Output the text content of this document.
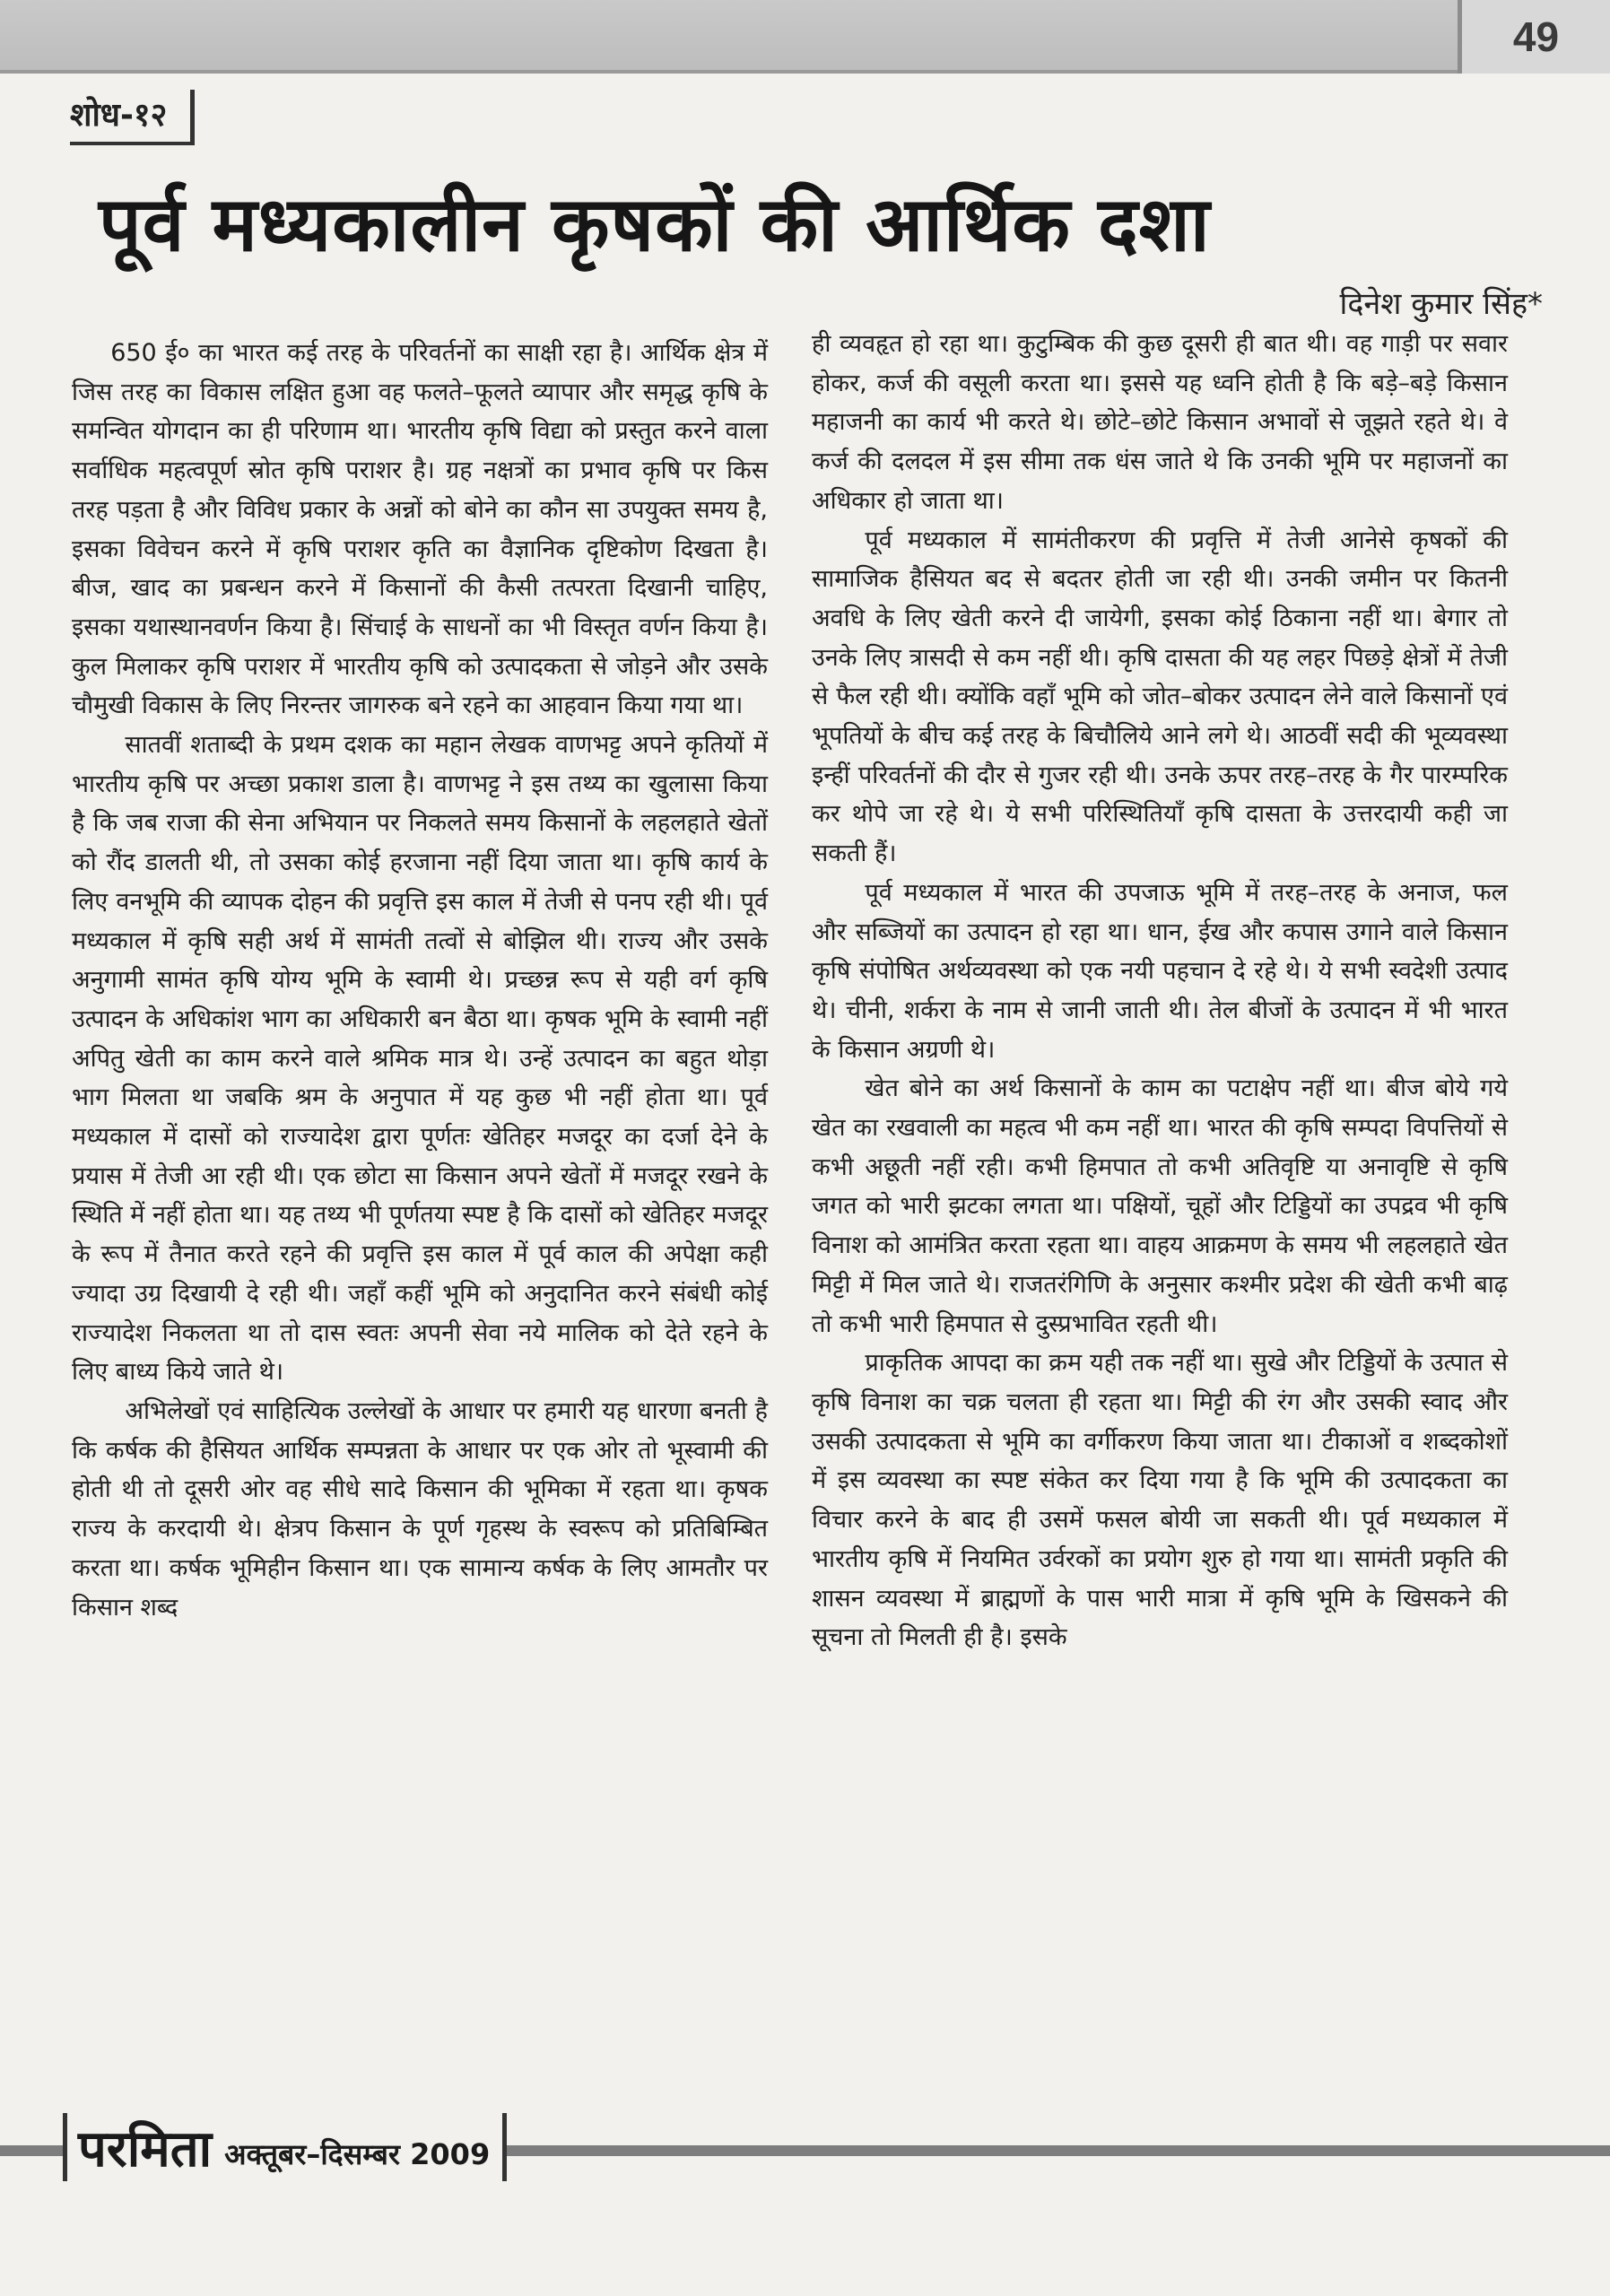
49
शोध-१२
पूर्व मध्यकालीन कृषकों की आर्थिक दशा
दिनेश कुमार सिंह*

650 ई० का भारत कई तरह के परिवर्तनों का साक्षी रहा है। आर्थिक क्षेत्र में जिस तरह का विकास लक्षित हुआ वह फलते–फूलते व्यापार और समृद्ध कृषि के समन्वित योगदान का ही परिणाम था। भारतीय कृषि विद्या को प्रस्तुत करने वाला सर्वाधिक महत्वपूर्ण स्रोत कृषि पराशर है। ग्रह नक्षत्रों का प्रभाव कृषि पर किस तरह पड़ता है और विविध प्रकार के अन्नों को बोने का कौन सा उपयुक्त समय है, इसका विवेचन करने में कृषि पराशर कृति का वैज्ञानिक दृष्टिकोण दिखता है। बीज, खाद का प्रबन्धन करने में किसानों की कैसी तत्परता दिखानी चाहिए, इसका यथास्थानवर्णन किया है। सिंचाई के साधनों का भी विस्तृत वर्णन किया है। कुल मिलाकर कृषि पराशर में भारतीय कृषि को उत्पादकता से जोड़ने और उसके चौमुखी विकास के लिए निरन्तर जागरुक बने रहने का आहवान किया गया था।

सातवीं शताब्दी के प्रथम दशक का महान लेखक वाणभट्ट अपने कृतियों में भारतीय कृषि पर अच्छा प्रकाश डाला है। वाणभट्ट ने इस तथ्य का खुलासा किया है कि जब राजा की सेना अभियान पर निकलते समय किसानों के लहलहाते खेतों को रौंद डालती थी, तो उसका कोई हरजाना नहीं दिया जाता था। कृषि कार्य के लिए वनभूमि की व्यापक दोहन की प्रवृत्ति इस काल में तेजी से पनप रही थी। पूर्व मध्यकाल में कृषि सही अर्थ में सामंती तत्वों से बोझिल थी। राज्य और उसके अनुगामी सामंत कृषि योग्य भूमि के स्वामी थे। प्रच्छन्न रूप से यही वर्ग कृषि उत्पादन के अधिकांश भाग का अधिकारी बन बैठा था। कृषक भूमि के स्वामी नहीं अपितु खेती का काम करने वाले श्रमिक मात्र थे। उन्हें उत्पादन का बहुत थोड़ा भाग मिलता था जबकि श्रम के अनुपात में यह कुछ भी नहीं होता था। पूर्व मध्यकाल में दासों को राज्यादेश द्वारा पूर्णतः खेतिहर मजदूर का दर्जा देने के प्रयास में तेजी आ रही थी। एक छोटा सा किसान अपने खेतों में मजदूर रखने के स्थिति में नहीं होता था। यह तथ्य भी पूर्णतया स्पष्ट है कि दासों को खेतिहर मजदूर के रूप में तैनात करते रहने की प्रवृत्ति इस काल में पूर्व काल की अपेक्षा कही ज्यादा उग्र दिखायी दे रही थी। जहाँ कहीं भूमि को अनुदानित करने संबंधी कोई राज्यादेश निकलता था तो दास स्वतः अपनी सेवा नये मालिक को देते रहने के लिए बाध्य किये जाते थे।

अभिलेखों एवं साहित्यिक उल्लेखों के आधार पर हमारी यह धारणा बनती है कि कर्षक की हैसियत आर्थिक सम्पन्नता के आधार पर एक ओर तो भूस्वामी की होती थी तो दूसरी ओर वह सीधे सादे किसान की भूमिका में रहता था। कृषक राज्य के करदायी थे। क्षेत्रप किसान के पूर्ण गृहस्थ के स्वरूप को प्रतिबिम्बित करता था। कर्षक भूमिहीन किसान था। एक सामान्य कर्षक के लिए आमतौर पर किसान शब्द

ही व्यवहृत हो रहा था। कुटुम्बिक की कुछ दूसरी ही बात थी। वह गाड़ी पर सवार होकर, कर्ज की वसूली करता था। इससे यह ध्वनि होती है कि बड़े–बड़े किसान महाजनी का कार्य भी करते थे। छोटे–छोटे किसान अभावों से जूझते रहते थे। वे कर्ज की दलदल में इस सीमा तक धंस जाते थे कि उनकी भूमि पर महाजनों का अधिकार हो जाता था।

पूर्व मध्यकाल में सामंतीकरण की प्रवृत्ति में तेजी आनेसे कृषकों की सामाजिक हैसियत बद से बदतर होती जा रही थी। उनकी जमीन पर कितनी अवधि के लिए खेती करने दी जायेगी, इसका कोई ठिकाना नहीं था। बेगार तो उनके लिए त्रासदी से कम नहीं थी। कृषि दासता की यह लहर पिछड़े क्षेत्रों में तेजी से फैल रही थी। क्योंकि वहाँ भूमि को जोत–बोकर उत्पादन लेने वाले किसानों एवं भूपतियों के बीच कई तरह के बिचौलिये आने लगे थे। आठवीं सदी की भूव्यवस्था इन्हीं परिवर्तनों की दौर से गुजर रही थी। उनके ऊपर तरह–तरह के गैर पारम्परिक कर थोपे जा रहे थे। ये सभी परिस्थितियाँ कृषि दासता के उत्तरदायी कही जा सकती हैं।

पूर्व मध्यकाल में भारत की उपजाऊ भूमि में तरह–तरह के अनाज, फल और सब्जियों का उत्पादन हो रहा था। धान, ईख और कपास उगाने वाले किसान कृषि संपोषित अर्थव्यवस्था को एक नयी पहचान दे रहे थे। ये सभी स्वदेशी उत्पाद थे। चीनी, शर्करा के नाम से जानी जाती थी। तेल बीजों के उत्पादन में भी भारत के किसान अग्रणी थे।

खेत बोने का अर्थ किसानों के काम का पटाक्षेप नहीं था। बीज बोये गये खेत का रखवाली का महत्व भी कम नहीं था। भारत की कृषि सम्पदा विपत्तियों से कभी अछूती नहीं रही। कभी हिमपात तो कभी अतिवृष्टि या अनावृष्टि से कृषि जगत को भारी झटका लगता था। पक्षियों, चूहों और टिड्डियों का उपद्रव भी कृषि विनाश को आमंत्रित करता रहता था। वाहय आक्रमण के समय भी लहलहाते खेत मिट्टी में मिल जाते थे। राजतरंगिणि के अनुसार कश्मीर प्रदेश की खेती कभी बाढ़ तो कभी भारी हिमपात से दुस्प्रभावित रहती थी।

प्राकृतिक आपदा का क्रम यही तक नहीं था। सुखे और टिड्डियों के उत्पात से कृषि विनाश का चक्र चलता ही रहता था। मिट्टी की रंग और उसकी स्वाद और उसकी उत्पादकता से भूमि का वर्गीकरण किया जाता था। टीकाओं व शब्दकोशों में इस व्यवस्था का स्पष्ट संकेत कर दिया गया है कि भूमि की उत्पादकता का विचार करने के बाद ही उसमें फसल बोयी जा सकती थी। पूर्व मध्यकाल में भारतीय कृषि में नियमित उर्वरकों का प्रयोग शुरु हो गया था। सामंती प्रकृति की शासन व्यवस्था में ब्राह्मणों के पास भारी मात्रा में कृषि भूमि के खिसकने की सूचना तो मिलती ही है। इसके

परमिता अक्तूबर–दिसम्बर 2009
